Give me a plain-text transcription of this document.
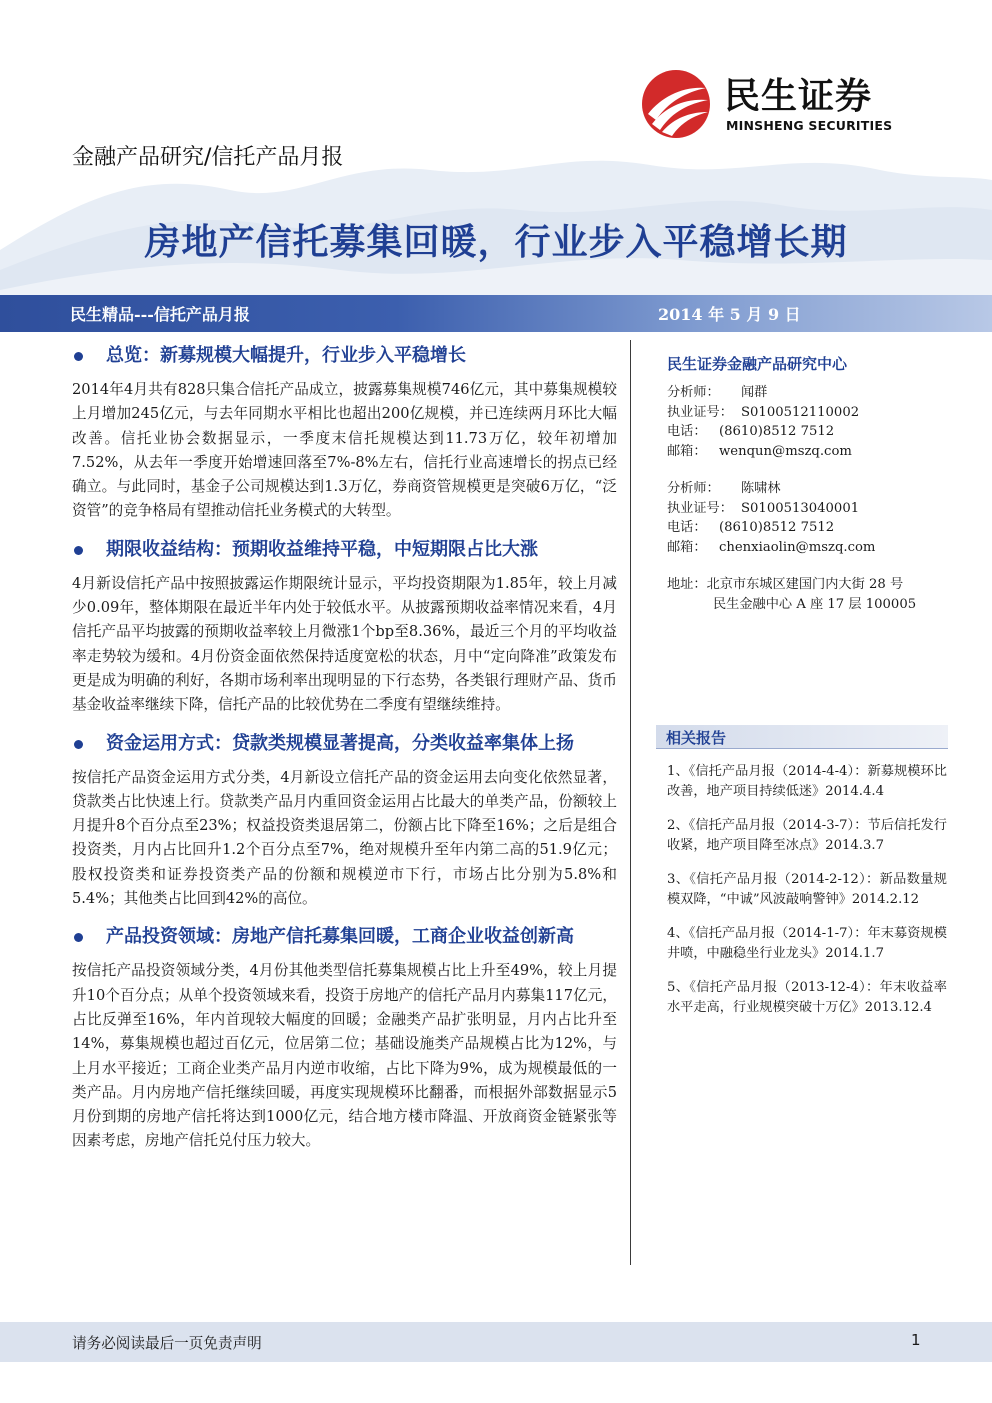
民生证券
MINSHENG SECURITIES
金融产品研究/信托产品月报
房地产信托募集回暖，行业步入平稳增长期
民生精品---信托产品月报	2014 年 5 月 9 日
总览：新募规模大幅提升，行业步入平稳增长

2014年4月共有828只集合信托产品成立，披露募集规模746亿元，其中募集规模较上月增加245亿元，与去年同期水平相比也超出200亿规模，并已连续两月环比大幅改善。信托业协会数据显示，一季度末信托规模达到11.73万亿，较年初增加7.52%，从去年一季度开始增速回落至7%-8%左右，信托行业高速增长的拐点已经确立。与此同时，基金子公司规模达到1.3万亿，券商资管规模更是突破6万亿，“泛资管”的竞争格局有望推动信托业务模式的大转型。

期限收益结构：预期收益维持平稳，中短期限占比大涨

4月新设信托产品中按照披露运作期限统计显示，平均投资期限为1.85年，较上月减少0.09年，整体期限在最近半年内处于较低水平。从披露预期收益率情况来看，4月信托产品平均披露的预期收益率较上月微涨1个bp至8.36%，最近三个月的平均收益率走势较为缓和。4月份资金面依然保持适度宽松的状态，月中“定向降准”政策发布更是成为明确的利好，各期市场利率出现明显的下行态势，各类银行理财产品、货币基金收益率继续下降，信托产品的比较优势在二季度有望继续维持。

资金运用方式：贷款类规模显著提高，分类收益率集体上扬

按信托产品资金运用方式分类，4月新设立信托产品的资金运用去向变化依然显著，贷款类占比快速上行。贷款类产品月内重回资金运用占比最大的单类产品，份额较上月提升8个百分点至23%；权益投资类退居第二，份额占比下降至16%；之后是组合投资类，月内占比回升1.2个百分点至7%，绝对规模升至年内第二高的51.9亿元；股权投资类和证券投资类产品的份额和规模逆市下行，市场占比分别为5.8%和5.4%；其他类占比回到42%的高位。

产品投资领域：房地产信托募集回暖，工商企业收益创新高

按信托产品投资领域分类，4月份其他类型信托募集规模占比上升至49%，较上月提升10个百分点；从单个投资领域来看，投资于房地产的信托产品月内募集117亿元，占比反弹至16%，年内首现较大幅度的回暖；金融类产品扩张明显，月内占比升至14%，募集规模也超过百亿元，位居第二位；基础设施类产品规模占比为12%，与上月水平接近；工商企业类产品月内逆市收缩，占比下降为9%，成为规模最低的一类产品。月内房地产信托继续回暖，再度实现规模环比翻番，而根据外部数据显示5月份到期的房地产信托将达到1000亿元，结合地方楼市降温、开放商资金链紧张等因素考虑，房地产信托兑付压力较大。

民生证券金融产品研究中心
分析师： 闻群
执业证号： S0100512110002
电话： (8610)8512 7512
邮箱： wenqun@mszq.com
分析师： 陈啸林
执业证号： S0100513040001
电话： (8610)8512 7512
邮箱： chenxiaolin@mszq.com
地址：北京市东城区建国门内大街 28 号
民生金融中心 A 座 17 层 100005
相关报告
1、《信托产品月报（2014-4-4）：新募规模环比改善，地产项目持续低迷》2014.4.4
2、《信托产品月报（2014-3-7）：节后信托发行收紧，地产项目降至冰点》2014.3.7
3、《信托产品月报（2014-2-12）：新品数量规模双降，“中诚”风波敲响警钟》2014.2.12
4、《信托产品月报（2014-1-7）：年末募资规模井喷，中融稳坐行业龙头》2014.1.7
5、《信托产品月报（2013-12-4）：年末收益率水平走高，行业规模突破十万亿》2013.12.4
请务必阅读最后一页免责声明	1
